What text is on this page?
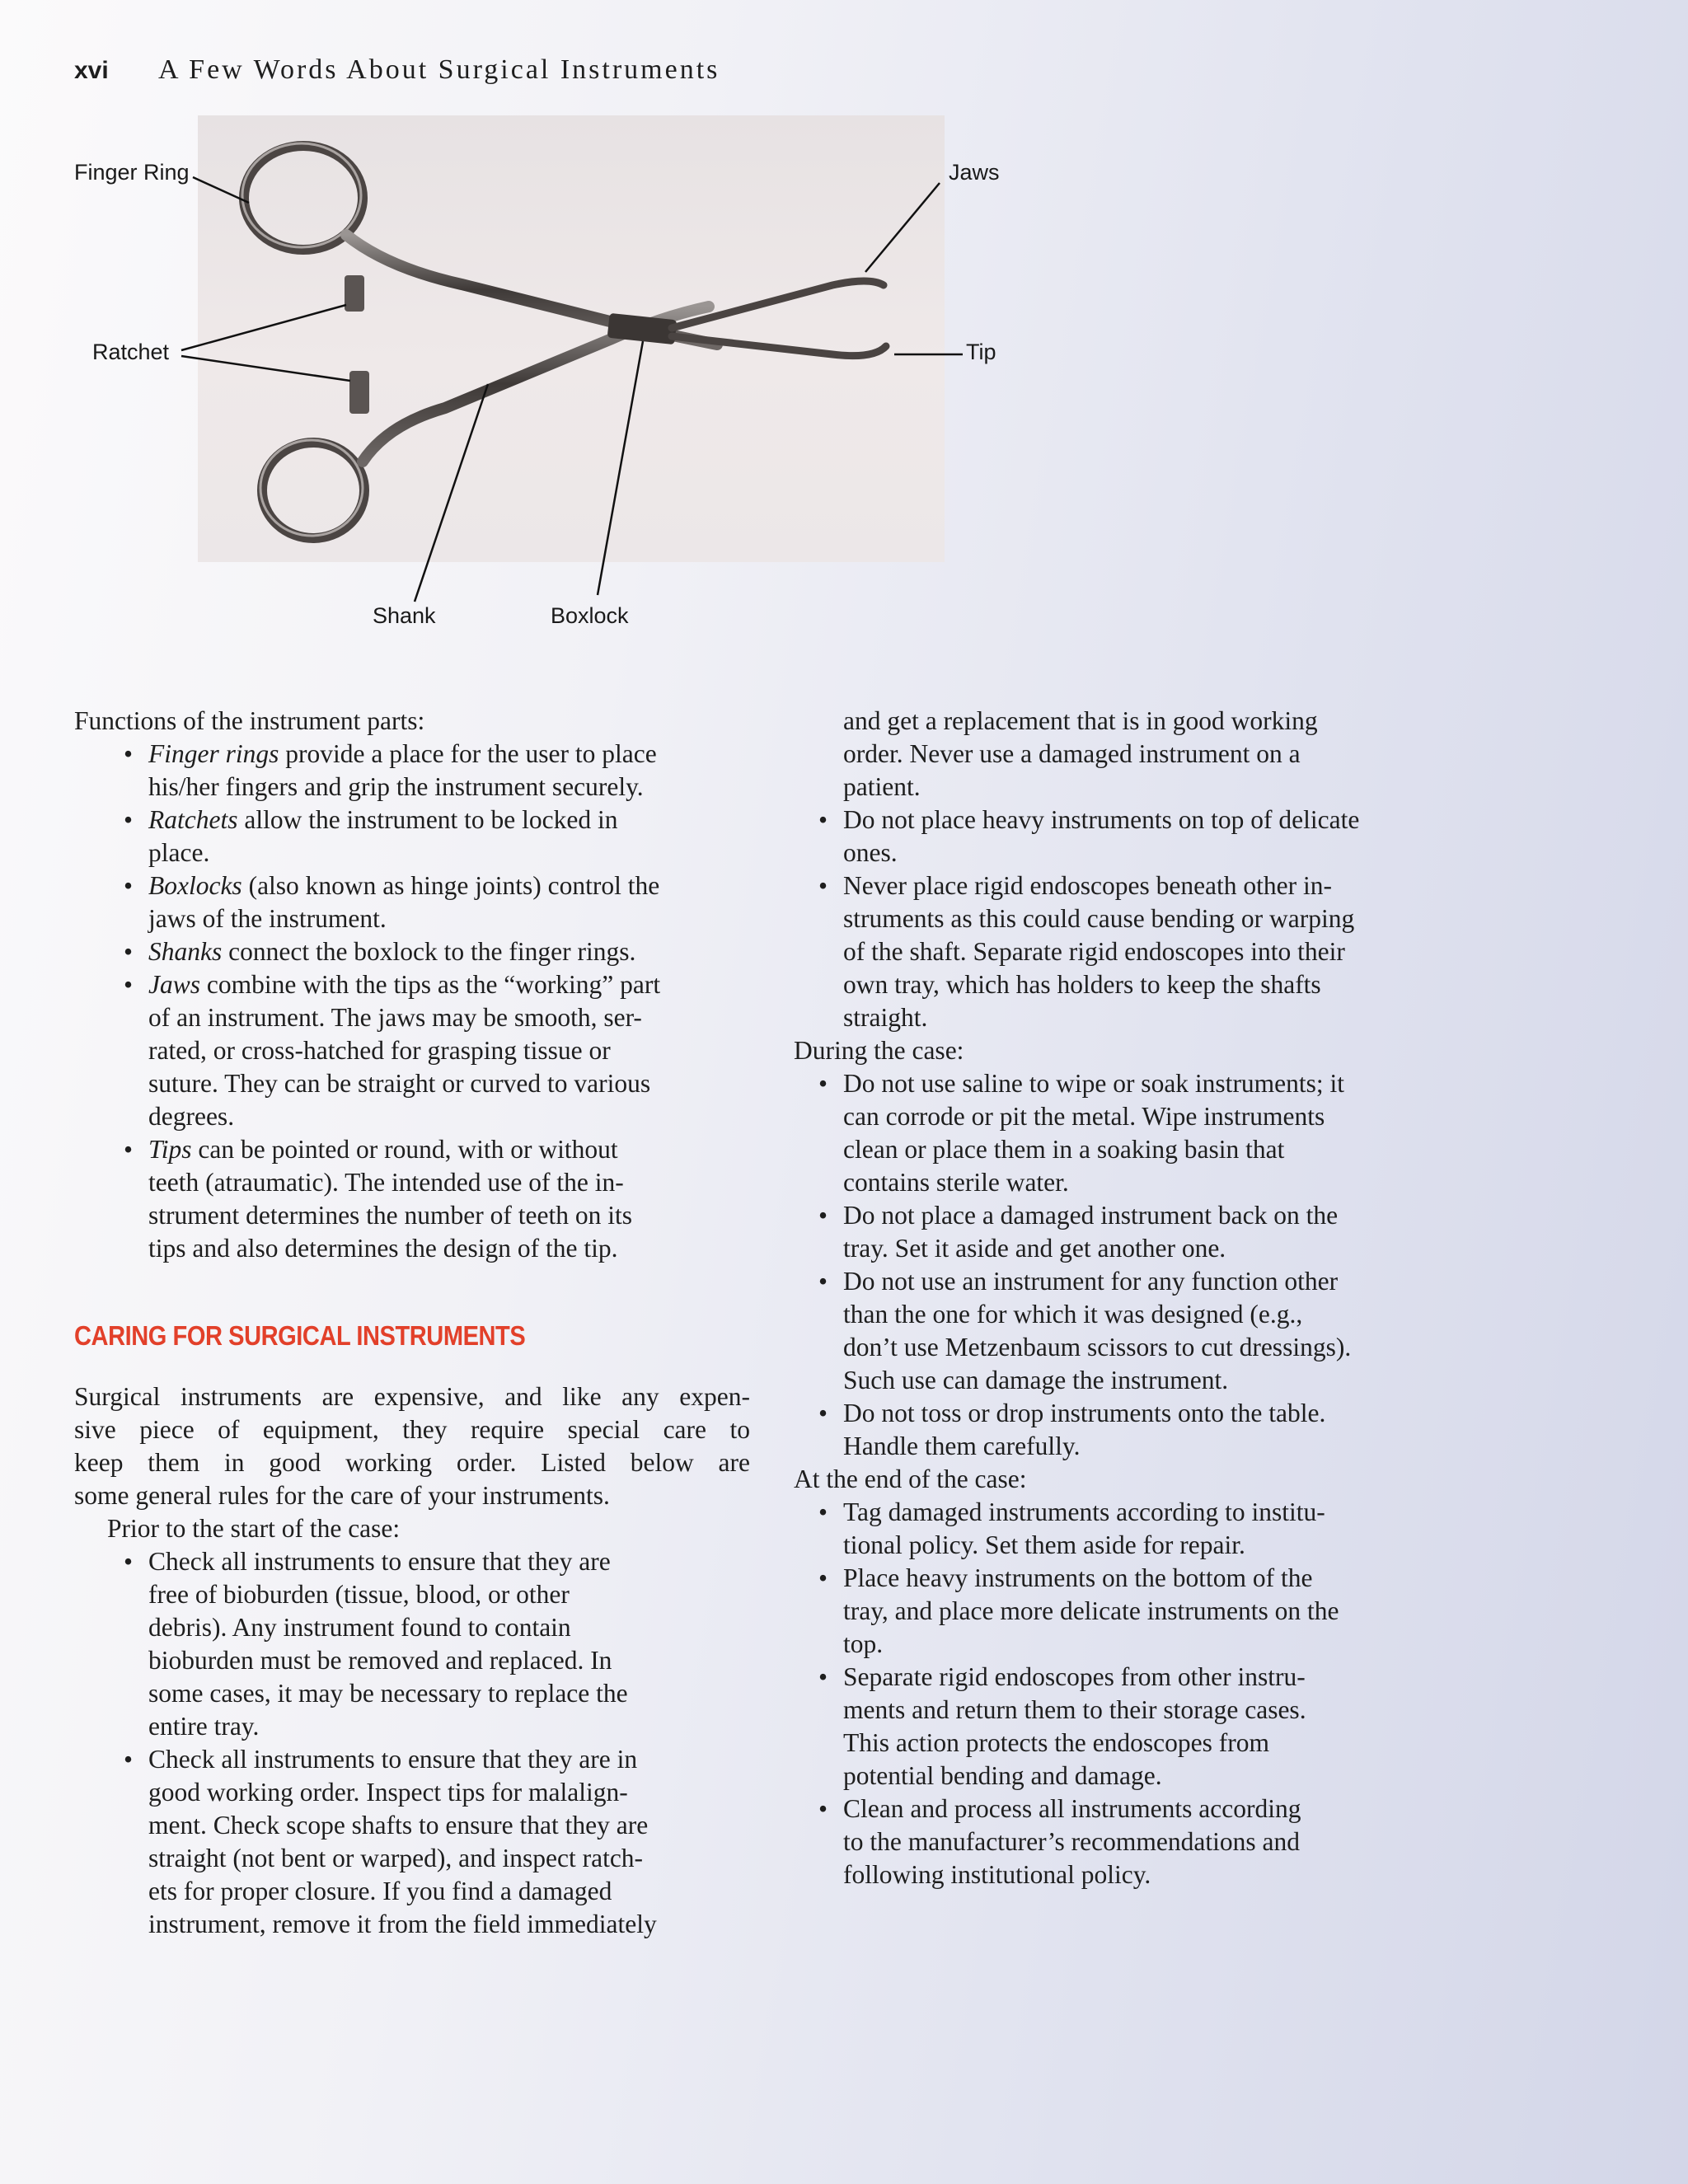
xvi	A Few Words About Surgical Instruments
Finger Ring
Ratchet
Shank	Boxlock
Jaws
Tip
Functions of the instrument parts:
• Finger rings provide a place for the user to place
his/her fingers and grip the instrument securely.
• Ratchets allow the instrument to be locked in
place.
• Boxlocks (also known as hinge joints) control the
jaws of the instrument.
• Shanks connect the boxlock to the finger rings.
• Jaws combine with the tips as the “working” part
of an instrument. The jaws may be smooth, ser-
rated, or cross-hatched for grasping tissue or
suture. They can be straight or curved to various
degrees.
• Tips can be pointed or round, with or without
teeth (atraumatic). The intended use of the in-
strument determines the number of teeth on its
tips and also determines the design of the tip.
CARING FOR SURGICAL INSTRUMENTS
Surgical instruments are expensive, and like any expen-
sive piece of equipment, they require special care to
keep them in good working order. Listed below are
some general rules for the care of your instruments.
Prior to the start of the case:
• Check all instruments to ensure that they are
free of bioburden (tissue, blood, or other
debris). Any instrument found to contain
bioburden must be removed and replaced. In
some cases, it may be necessary to replace the
entire tray.
• Check all instruments to ensure that they are in
good working order. Inspect tips for malalign-
ment. Check scope shafts to ensure that they are
straight (not bent or warped), and inspect ratch-
ets for proper closure. If you find a damaged
instrument, remove it from the field immediately
and get a replacement that is in good working
order. Never use a damaged instrument on a
patient.
• Do not place heavy instruments on top of delicate
ones.
• Never place rigid endoscopes beneath other in-
struments as this could cause bending or warping
of the shaft. Separate rigid endoscopes into their
own tray, which has holders to keep the shafts
straight.
During the case:
• Do not use saline to wipe or soak instruments; it
can corrode or pit the metal. Wipe instruments
clean or place them in a soaking basin that
contains sterile water.
• Do not place a damaged instrument back on the
tray. Set it aside and get another one.
• Do not use an instrument for any function other
than the one for which it was designed (e.g.,
don’t use Metzenbaum scissors to cut dressings).
Such use can damage the instrument.
• Do not toss or drop instruments onto the table.
Handle them carefully.
At the end of the case:
• Tag damaged instruments according to institu-
tional policy. Set them aside for repair.
• Place heavy instruments on the bottom of the
tray, and place more delicate instruments on the
top.
• Separate rigid endoscopes from other instru-
ments and return them to their storage cases.
This action protects the endoscopes from
potential bending and damage.
• Clean and process all instruments according
to the manufacturer’s recommendations and
following institutional policy.
